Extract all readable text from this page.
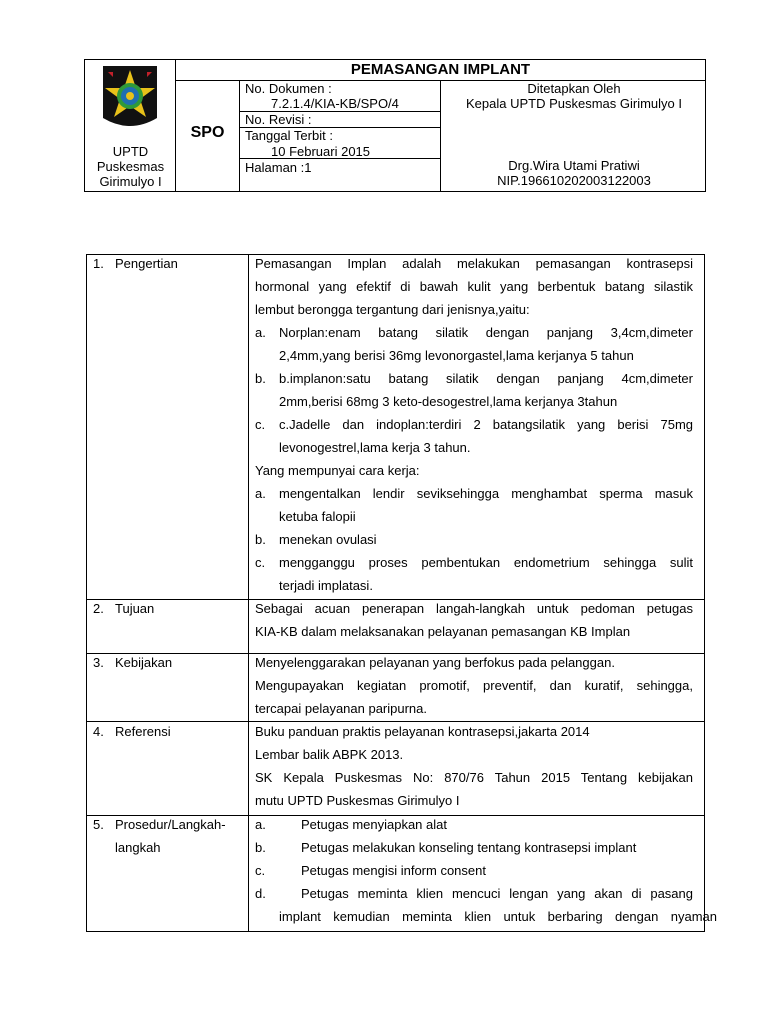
UPTD
Puskesmas
Girimulyo I
PEMASANGAN IMPLANT
SPO
No. Dokumen :
7.2.1.4/KIA-KB/SPO/4
No. Revisi :
Tanggal Terbit :
10 Februari 2015
Halaman :1
Ditetapkan Oleh
Kepala UPTD Puskesmas Girimulyo I
Drg.Wira Utami Pratiwi
NIP.196610202003122003
1. Pengertian	Pemasangan Implan adalah melakukan pemasangan kontrasepsi
hormonal yang efektif di bawah kulit yang berbentuk batang silastik
lembut berongga tergantung dari jenisnya,yaitu:
a. Norplan:enam batang silatik dengan panjang 3,4cm,dimeter
2,4mm,yang berisi 36mg levonorgastel,lama kerjanya 5 tahun
b. b.implanon:satu batang silatik dengan panjang 4cm,dimeter
2mm,berisi 68mg 3 keto-desogestrel,lama kerjanya 3tahun
c. c.Jadelle dan indoplan:terdiri 2 batangsilatik yang berisi 75mg
levonogestrel,lama kerja 3 tahun.
Yang mempunyai cara kerja:
a. mengentalkan lendir seviksehingga menghambat sperma masuk
ketuba falopii
b. menekan ovulasi
c. mengganggu proses pembentukan endometrium sehingga sulit
terjadi implatasi.
2. Tujuan	Sebagai acuan penerapan langah-langkah untuk pedoman petugas
KIA-KB dalam melaksanakan pelayanan pemasangan KB Implan
3. Kebijakan	Menyelenggarakan pelayanan yang berfokus pada pelanggan.
Mengupayakan kegiatan promotif, preventif, dan kuratif, sehingga,
tercapai pelayanan paripurna.
4. Referensi	Buku panduan praktis pelayanan kontrasepsi,jakarta 2014
Lembar balik ABPK 2013.
SK Kepala Puskesmas No: 870/76 Tahun 2015 Tentang kebijakan
mutu UPTD Puskesmas Girimulyo I
5. Prosedur/Langkah-
langkah
a.	Petugas menyiapkan alat
b.	Petugas melakukan konseling tentang kontrasepsi implant
c.	Petugas mengisi inform consent
d.	Petugas meminta klien mencuci lengan yang akan di pasang
implant kemudian meminta klien untuk berbaring dengan nyaman
